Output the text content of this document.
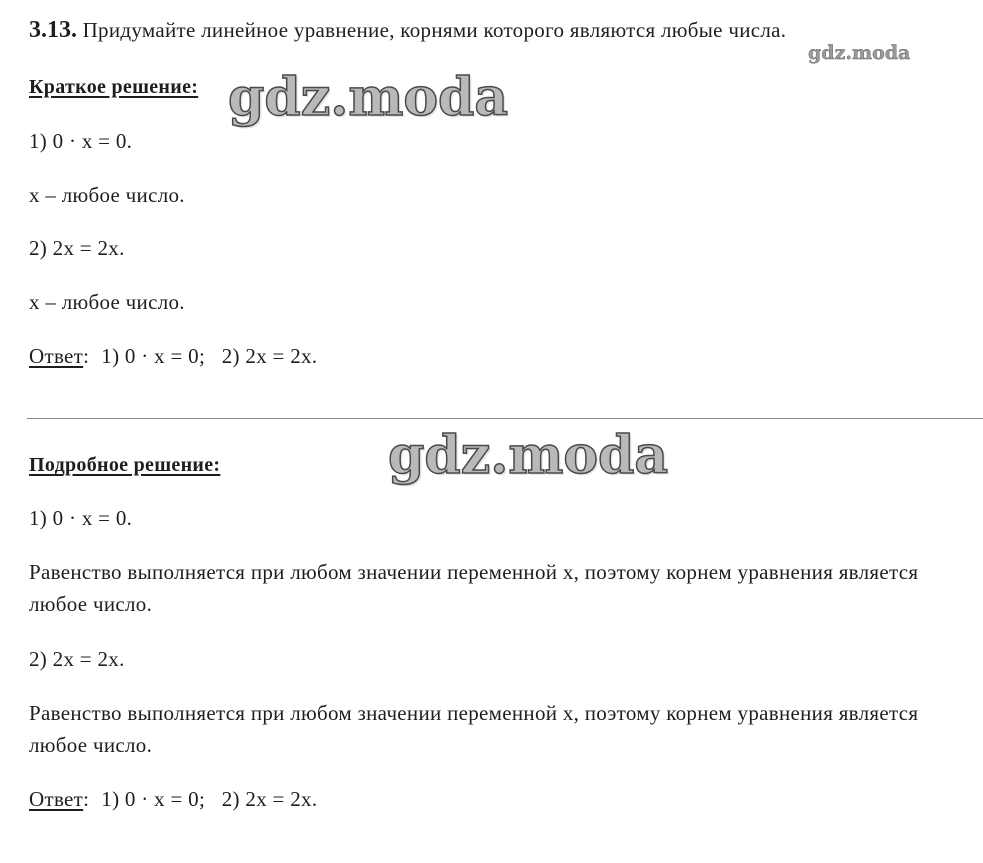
3.13. Придумайте линейное уравнение, корнями которого являются любые числа.
gdz.moda
Краткое решение: gdz.moda
1) 0 · x = 0.
x – любое число.
2) 2x = 2x.
x – любое число.
Ответ: 1) 0 · x = 0;   2) 2x = 2x.
gdz.moda
Подробное решение:
1) 0 · x = 0.
Равенство выполняется при любом значении переменной x, поэтому корнем уравнения является любое число.
2) 2x = 2x.
Равенство выполняется при любом значении переменной x, поэтому корнем уравнения является любое число.
Ответ: 1) 0 · x = 0;   2) 2x = 2x.
